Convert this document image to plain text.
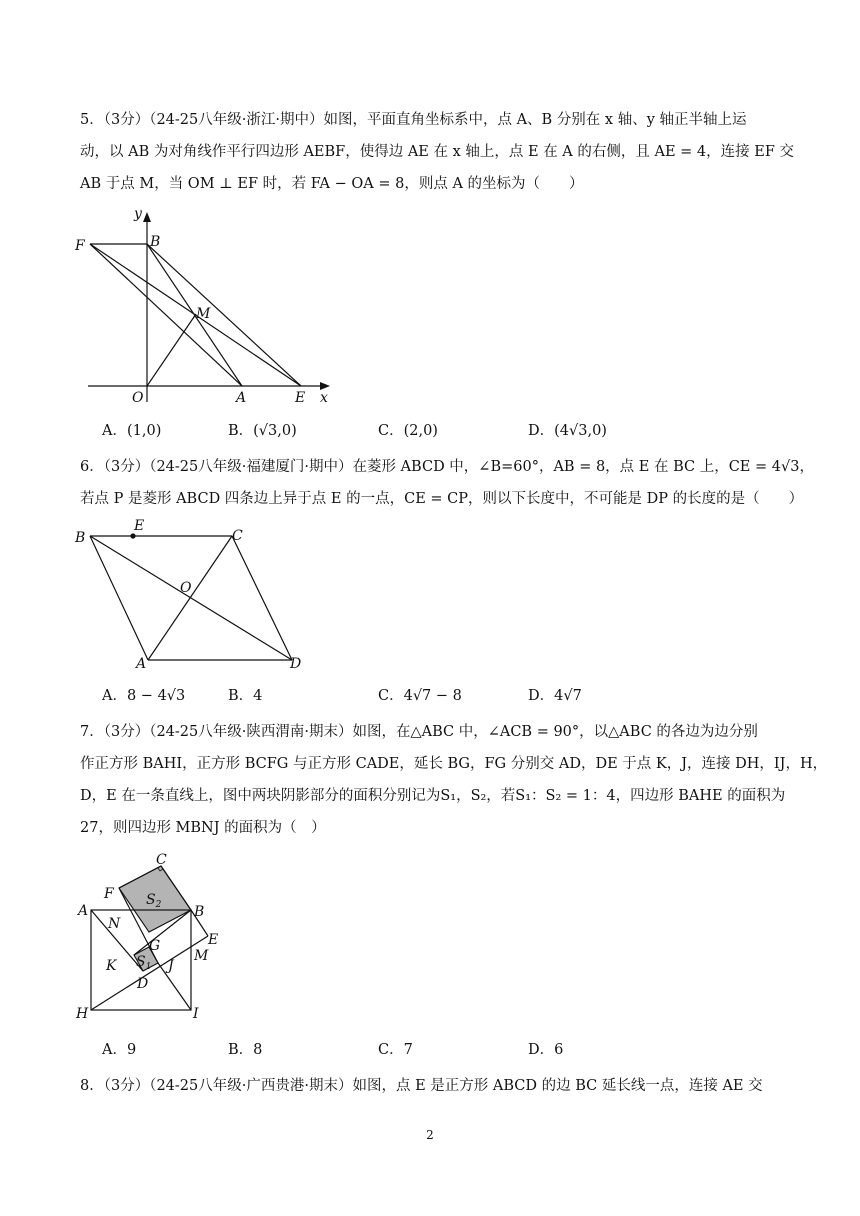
5．（3分）（24-25八年级·浙江·期中）如图，平面直角坐标系中，点 A、B 分别在 x 轴、y 轴正半轴上运
动，以 AB 为对角线作平行四边形 AEBF，使得边 AE 在 x 轴上，点 E 在 A 的右侧，且 AE = 4，连接 EF 交
AB 于点 M，当 OM ⊥ EF 时，若 FA − OA = 8，则点 A 的坐标为（　　）
y
x
F	B
M
O	A	E
A．(1,0)	B．(√3,0)	C．(2,0)	D．(4√3,0)
6．（3分）（24-25八年级·福建厦门·期中）在菱形 ABCD 中，∠B=60°，AB = 8，点 E 在 BC 上，CE = 4√3，
若点 P 是菱形 ABCD 四条边上异于点 E 的一点，CE = CP，则以下长度中，不可能是 DP 的长度的是（　　）
B
E
C
O
A	D
A．8 − 4√3	B．4	C．4√7 − 8	D．4√7
7．（3分）（24-25八年级·陕西渭南·期末）如图，在△ABC 中，∠ACB = 90°，以△ABC 的各边为边分别
作正方形 BAHI，正方形 BCFG 与正方形 CADE，延长 BG，FG 分别交 AD，DE 于点 K，J，连接 DH，IJ，H，
D，E 在一条直线上，图中两块阴影部分的面积分别记为S₁，S₂，若S₁：S₂ = 1：4，四边形 BAHE 的面积为
27，则四边形 MBNJ 的面积为（　）
C
F $S_2$
A
N
B
E
G
M
K $S_1$ J
D
H	I
A．9	B．8	C．7	D．6
8．（3分）（24-25八年级·广西贵港·期末）如图，点 E 是正方形 ABCD 的边 BC 延长线一点，连接 AE 交
2
